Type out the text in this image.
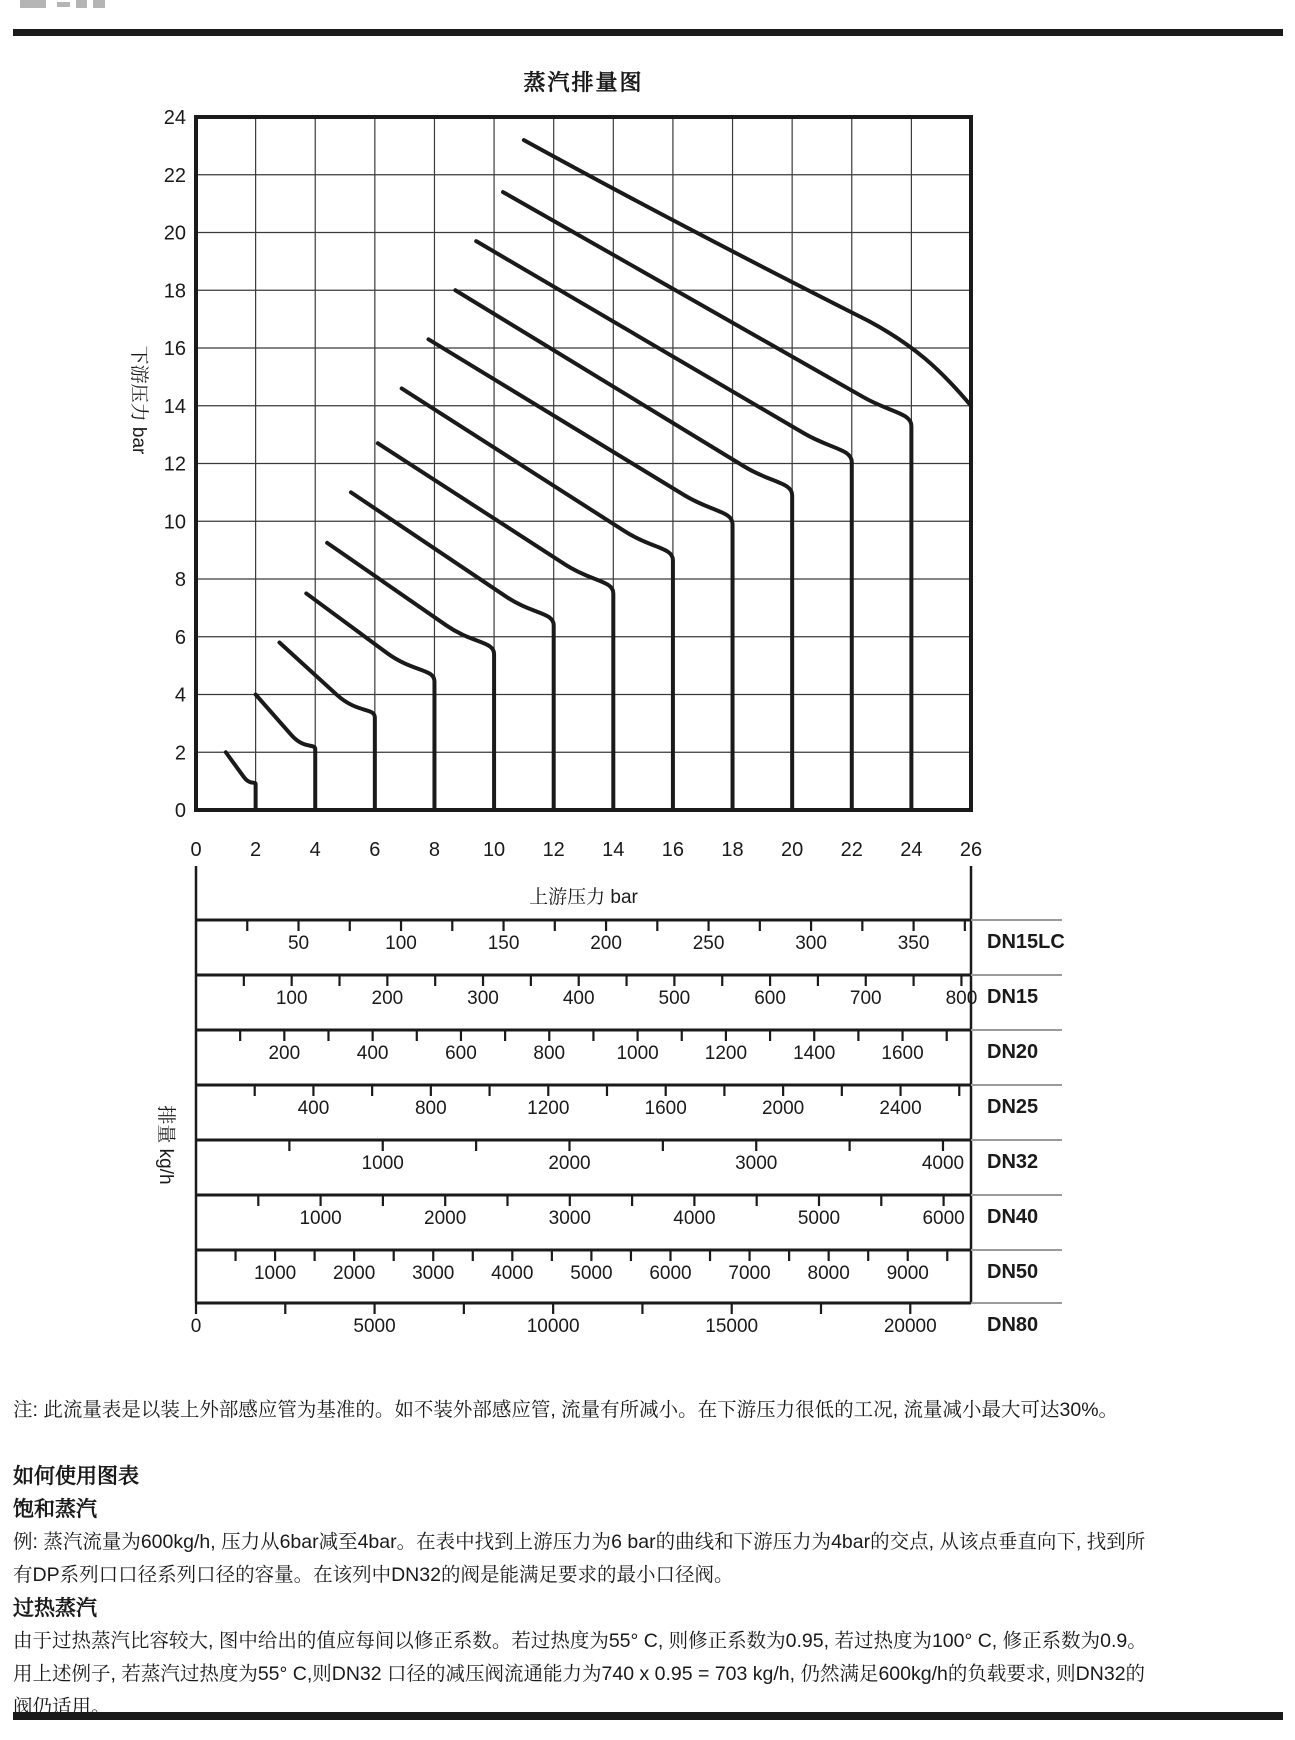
0 2 4 6 8 10 12 14 16 18 20 22 24 26
0
2
4
6
8
10
12
14
16
18
20
22
24
下游压力 bar
上游压力 bar
50	100	150	200	250	300	350	DN15LC
100	200	300	400	500	600	700	800 DN15
200	400	600	800	1000 1200 1400 1600	DN20
400	800	1200	1600	2000	2400	DN25
1000	2000	3000	4000 DN32
1000	2000	3000	4000	5000	6000 DN40
1000 2000 3000 4000 5000 6000 7000 8000 9000	DN50
0	5000	10000	15000	20000	DN80
排量 kg/h
蒸汽排量图
注: 此流量表是以装上外部感应管为基准的。如不装外部感应管, 流量有所减小。在下游压力很低的工况, 流量减小最大可达30%。
如何使用图表
饱和蒸汽
例: 蒸汽流量为600kg/h, 压力从6bar减至4bar。在表中找到上游压力为6 bar的曲线和下游压力为4bar的交点, 从该点垂直向下, 找到所有DP系列口口径系列口径的容量。在该列中DN32的阀是能满足要求的最小口径阀。
过热蒸汽
由于过热蒸汽比容较大, 图中给出的值应每间以修正系数。若过热度为55° C, 则修正系数为0.95, 若过热度为100° C, 修正系数为0.9。用上述例子, 若蒸汽过热度为55° C,则DN32 口径的减压阀流通能力为740 x 0.95 = 703 kg/h, 仍然满足600kg/h的负载要求, 则DN32的阀仍适用。
